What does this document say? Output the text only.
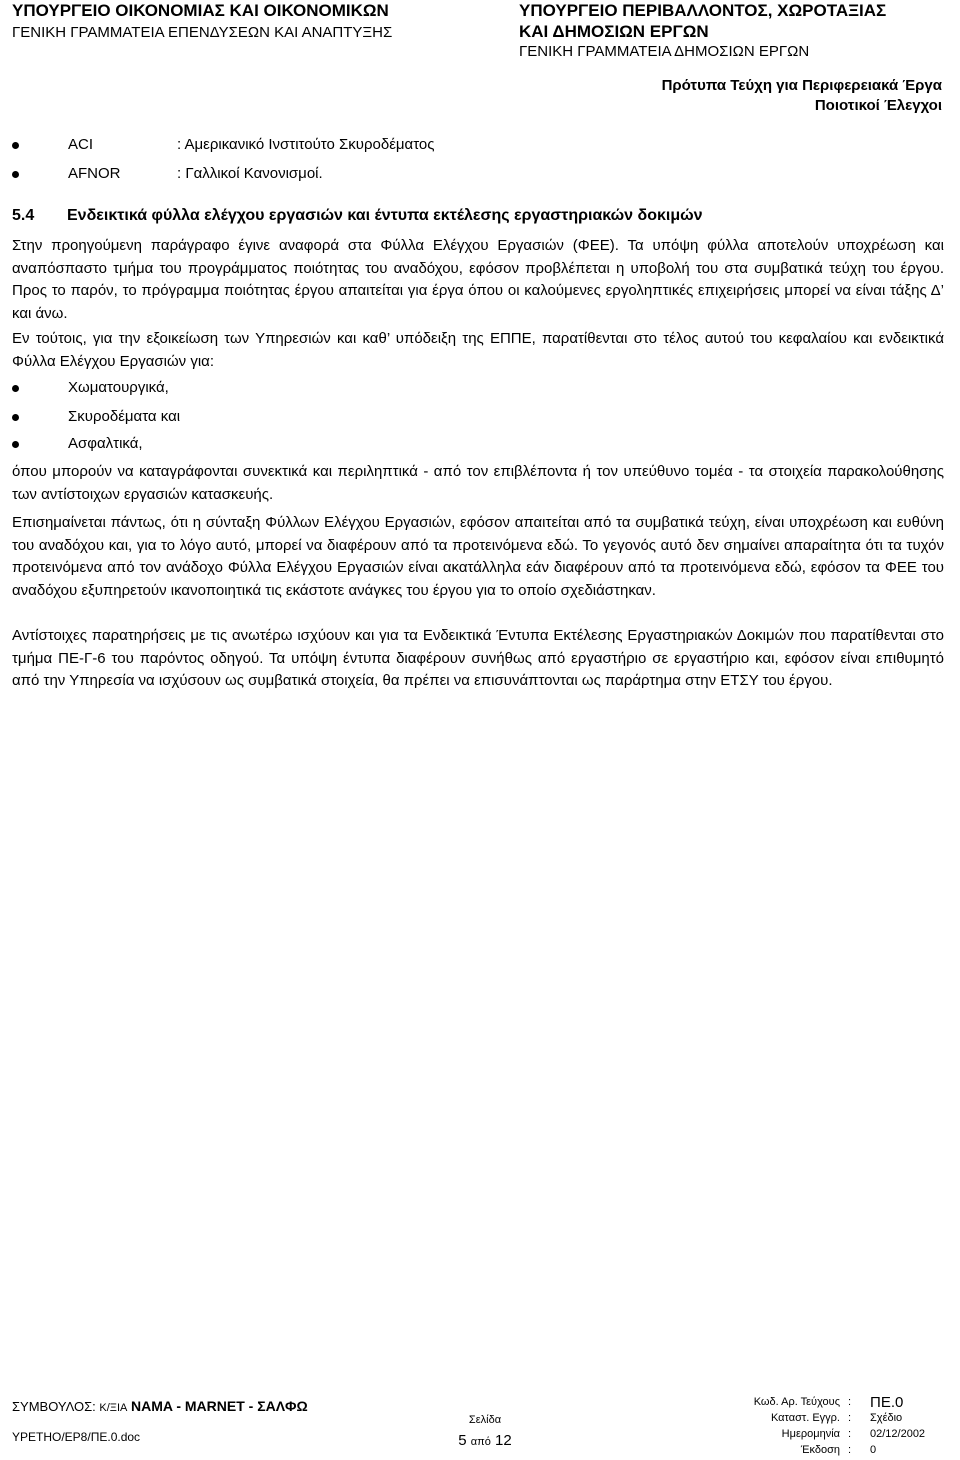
ΥΠΟΥΡΓΕΙΟ ΟΙΚΟΝΟΜΙΑΣ ΚΑΙ ΟΙΚΟΝΟΜΙΚΩΝ
ΓΕΝΙΚΗ ΓΡΑΜΜΑΤΕΙΑ ΕΠΕΝΔΥΣΕΩΝ ΚΑΙ ΑΝΑΠΤΥΞΗΣ
ΥΠΟΥΡΓΕΙΟ ΠΕΡΙΒΑΛΛΟΝΤΟΣ, ΧΩΡΟΤΑΞΙΑΣ
ΚΑΙ ΔΗΜΟΣΙΩΝ ΕΡΓΩΝ
ΓΕΝΙΚΗ ΓΡΑΜΜΑΤΕΙΑ ΔΗΜΟΣΙΩΝ ΕΡΓΩΝ
Πρότυπα Τεύχη για Περιφερειακά Έργα
Ποιοτικοί Έλεγχοι
ACI	: Αμερικανικό Ινστιτούτο Σκυροδέματος
AFNOR	: Γαλλικοί Κανονισμοί.
5.4 Ενδεικτικά φύλλα ελέγχου εργασιών και έντυπα εκτέλεσης εργαστηριακών δοκιμών
Στην προηγούμενη παράγραφο έγινε αναφορά στα Φύλλα Ελέγχου Εργασιών (ΦΕΕ). Τα υπόψη φύλλα αποτελούν υποχρέωση και αναπόσπαστο τμήμα του προγράμματος ποιότητας του αναδόχου, εφόσον προβλέπεται η υποβολή του στα συμβατικά τεύχη του έργου. Προς το παρόν, το πρόγραμμα ποιότητας έργου απαιτείται για έργα όπου οι καλούμενες εργοληπτικές επιχειρήσεις μπορεί να είναι τάξης Δ’ και άνω.
Εν τούτοις, για την εξοικείωση των Υπηρεσιών και καθ’ υπόδειξη της ΕΠΠΕ, παρατίθενται στο τέλος αυτού του κεφαλαίου και ενδεικτικά Φύλλα Ελέγχου Εργασιών για:
Χωματουργικά,
Σκυροδέματα και
Ασφαλτικά,
όπου μπορούν να καταγράφονται συνεκτικά και περιληπτικά - από τον επιβλέποντα ή τον υπεύθυνο τομέα - τα στοιχεία παρακολούθησης των αντίστοιχων εργασιών κατασκευής.
Επισημαίνεται πάντως, ότι η σύνταξη Φύλλων Ελέγχου Εργασιών, εφόσον απαιτείται από τα συμβατικά τεύχη, είναι υποχρέωση και ευθύνη του αναδόχου και, για το λόγο αυτό, μπορεί να διαφέρουν από τα προτεινόμενα εδώ. Το γεγονός αυτό δεν σημαίνει απαραίτητα ότι τα τυχόν προτεινόμενα από τον ανάδοχο Φύλλα Ελέγχου Εργασιών είναι ακατάλληλα εάν διαφέρουν από τα προτεινόμενα εδώ, εφόσον τα ΦΕΕ του αναδόχου εξυπηρετούν ικανοποιητικά τις εκάστοτε ανάγκες του έργου για το οποίο σχεδιάστηκαν.
Αντίστοιχες παρατηρήσεις με τις ανωτέρω ισχύουν και για τα Ενδεικτικά Έντυπα Εκτέλεσης Εργαστηριακών Δοκιμών που παρατίθενται στο τμήμα ΠΕ-Γ-6 του παρόντος οδηγού. Τα υπόψη έντυπα διαφέρουν συνήθως από εργαστήριο σε εργαστήριο και, εφόσον είναι επιθυμητό από την Υπηρεσία να ισχύσουν ως συμβατικά στοιχεία, θα πρέπει να επισυνάπτονται ως παράρτημα στην ΕΤΣΥ του έργου.
ΣΥΜΒΟΥΛΟΣ: Κ/ΞΙΑ NAMA - MARNET - ΣΑΛΦΩ
ΥΡΕΤΗΟ/ΕΡ8/ΠΕ.0.doc
Σελίδα
5 από 12
Κωδ. Αρ. Τεύχους : ΠΕ.0
Καταστ. Εγγρ. : Σχέδιο
Ημερομηνία : 02/12/2002
Έκδοση : 0
